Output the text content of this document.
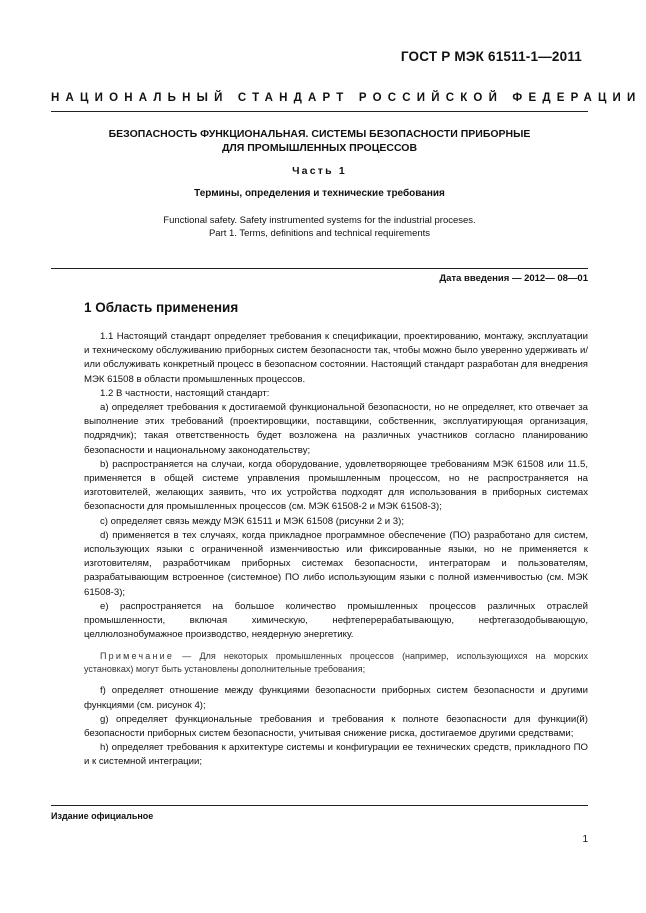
ГОСТ Р МЭК 61511-1—2011
НАЦИОНАЛЬНЫЙ СТАНДАРТ РОССИЙСКОЙ ФЕДЕРАЦИИ
БЕЗОПАСНОСТЬ ФУНКЦИОНАЛЬНАЯ. СИСТЕМЫ БЕЗОПАСНОСТИ ПРИБОРНЫЕ
ДЛЯ ПРОМЫШЛЕННЫХ ПРОЦЕССОВ
Часть 1
Термины, определения и технические требования
Functional safety. Safety instrumented systems for the industrial proceses.
Part 1. Terms, definitions and technical requirements
Дата введения — 2012— 08—01
1 Область применения

1.1 Настоящий стандарт определяет требования к спецификации, проектированию, монтажу, эксплуатации и техническому обслуживанию приборных систем безопасности так, чтобы можно было уверенно удерживать и/или обслуживать конкретный процесс в безопасном состоянии. Настоящий стандарт разработан для внедрения МЭК 61508 в области промышленных процессов.

1.2 В частности, настоящий стандарт:

a) определяет требования к достигаемой функциональной безопасности, но не определяет, кто отвечает за выполнение этих требований (проектировщики, поставщики, собственник, эксплуатирующая организация, подрядчик); такая ответственность будет возложена на различных участников согласно планированию безопасности и национальному законодательству;

b) распространяется на случаи, когда оборудование, удовлетворяющее требованиям МЭК 61508 или 11.5, применяется в общей системе управления промышленным процессом, но не распространяется на изготовителей, желающих заявить, что их устройства подходят для использования в приборных системах безопасности для промышленных процессов (см. МЭК 61508-2 и МЭК 61508-3);

c) определяет связь между МЭК 61511 и МЭК 61508 (рисунки 2 и 3);

d) применяется в тех случаях, когда прикладное программное обеспечение (ПО) разработано для систем, использующих языки с ограниченной изменчивостью или фиксированные языки, но не применяется к изготовителям, разработчикам приборных системах безопасности, интеграторам и пользователям, разрабатывающим встроенное (системное) ПО либо использующим языки с полной изменчивостью (см. МЭК 61508-3);

e) распространяется на большое количество промышленных процессов различных отраслей промышленности, включая химическую, нефтеперерабатывающую, нефтегазодобывающую, целлюлознобумажное производство, неядерную энергетику.

Примечание — Для некоторых промышленных процессов (например, использующихся на морских установках) могут быть установлены дополнительные требования;

f) определяет отношение между функциями безопасности приборных систем безопасности и другими функциями (см. рисунок 4);

g) определяет функциональные требования и требования к полноте безопасности для функции(й) безопасности приборных систем безопасности, учитывая снижение риска, достигаемое другими средствами;

h) определяет требования к архитектуре системы и конфигурации ее технических средств, прикладного ПО и к системной интеграции;

Издание официальное
1
